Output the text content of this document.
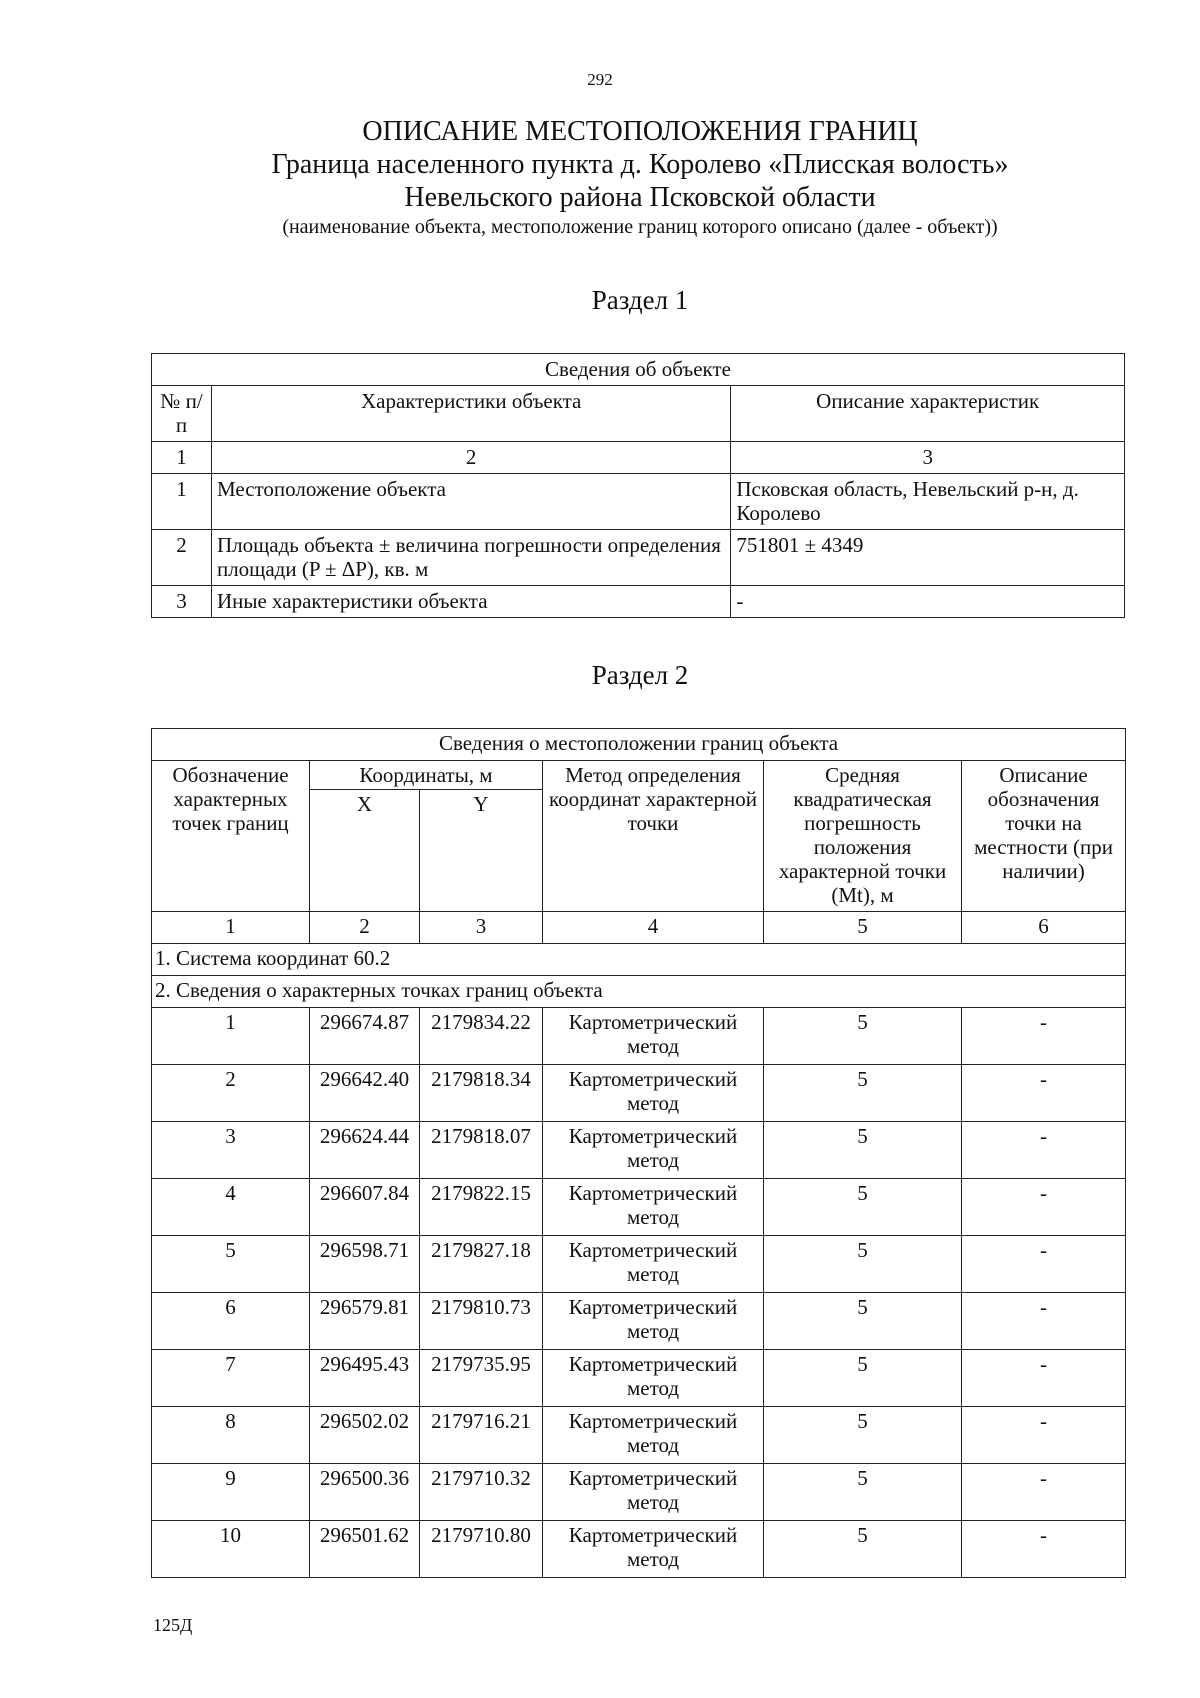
292
ОПИСАНИЕ МЕСТОПОЛОЖЕНИЯ ГРАНИЦ
Граница населенного пункта д. Королево «Плисская волость»
Невельского района Псковской области
(наименование объекта, местоположение границ которого описано (далее - объект))
Раздел 1
Сведения об объекте		
№ п/п	Характеристики объекта	Описание характеристик
1	2	3
1	Местоположение объекта	Псковская область, Невельский р-н, д. Королево
2	Площадь объекта ± величина погрешности определения площади (P ± ΔP), кв. м	751801 ± 4349
3	Иные характеристики объекта	-
Раздел 2
Сведения о местоположении границ объекта					
Обозначение характерных точек границ	Координаты, м		Метод определения координат характерной точки	Средняя квадратическая погрешность положения характерной точки (Mt), м	Описание обозначения точки на местности (при наличии)
	X	Y			
1	2	3	4	5	6
1. Система координат 60.2					
2. Сведения о характерных точках границ объекта					
1	296674.87	2179834.22	Картометрический метод	5	-
2	296642.40	2179818.34	Картометрический метод	5	-
3	296624.44	2179818.07	Картометрический метод	5	-
4	296607.84	2179822.15	Картометрический метод	5	-
5	296598.71	2179827.18	Картометрический метод	5	-
6	296579.81	2179810.73	Картометрический метод	5	-
7	296495.43	2179735.95	Картометрический метод	5	-
8	296502.02	2179716.21	Картометрический метод	5	-
9	296500.36	2179710.32	Картометрический метод	5	-
10	296501.62	2179710.80	Картометрический метод	5	-
125Д
